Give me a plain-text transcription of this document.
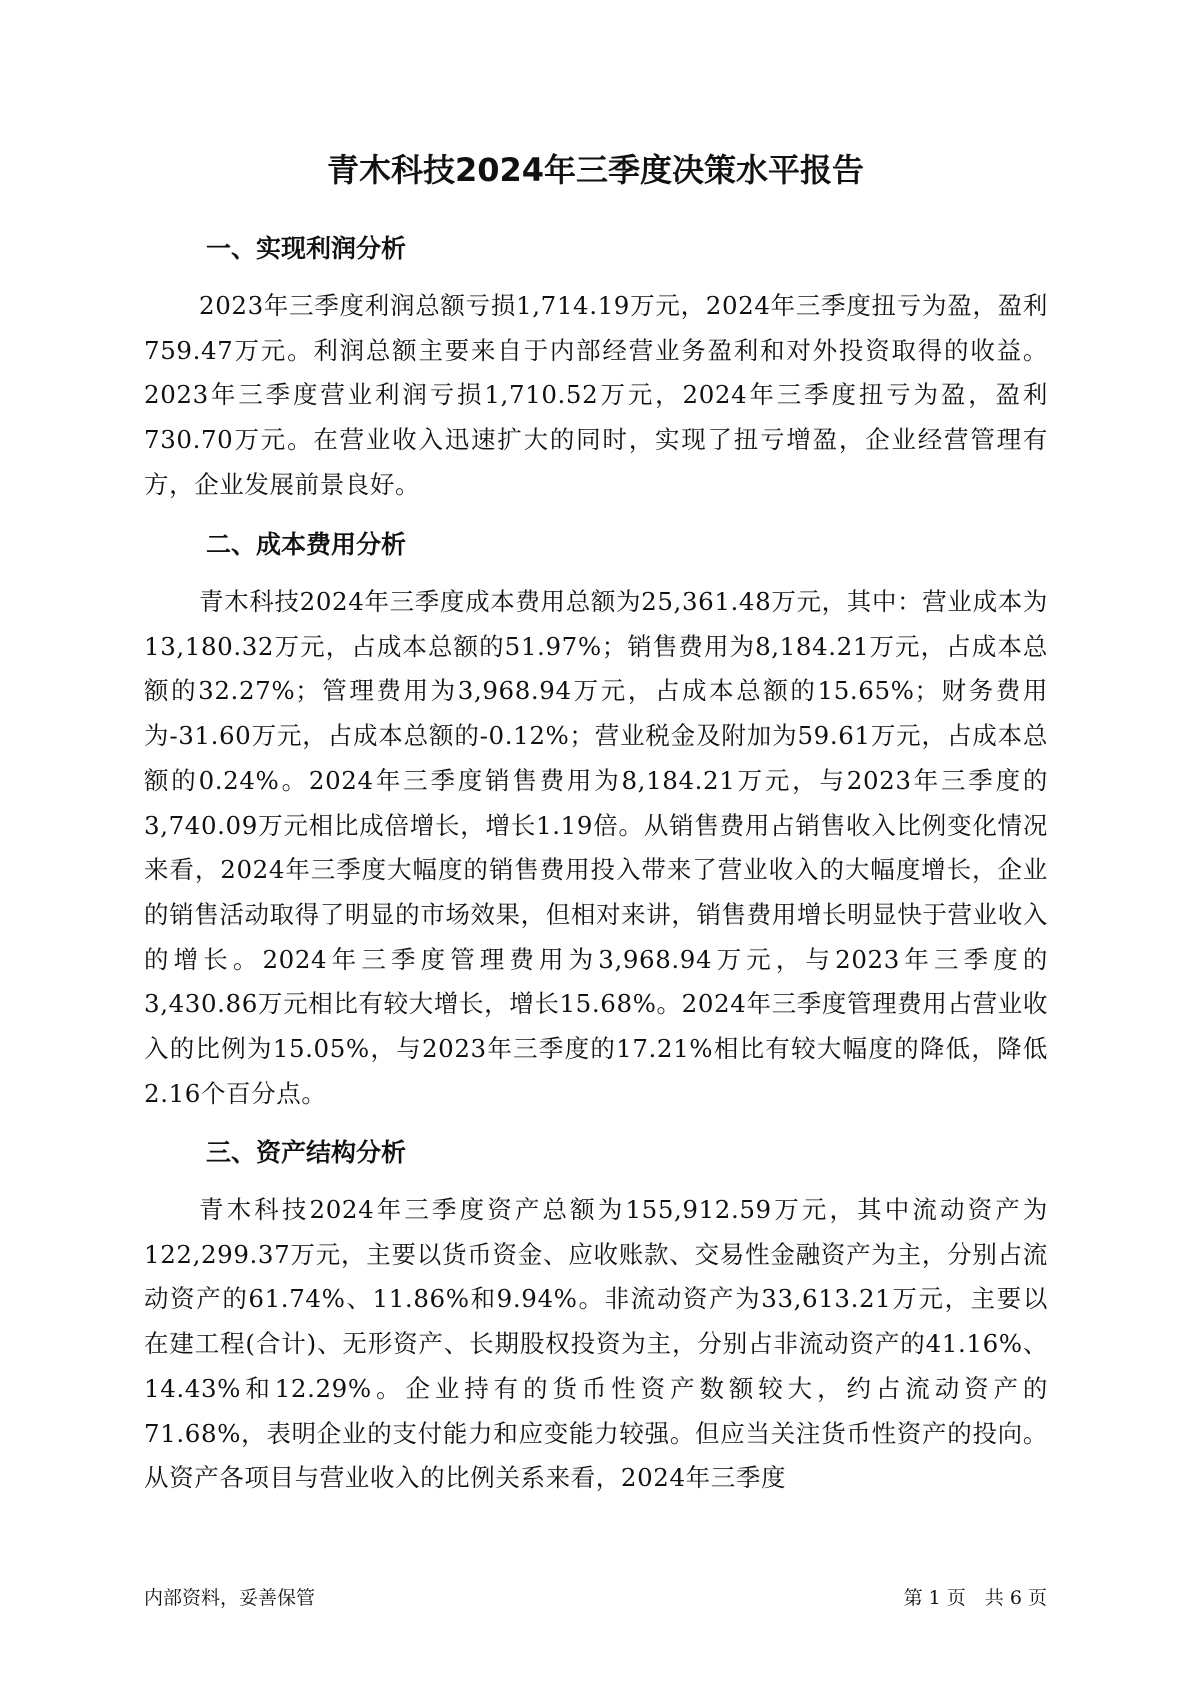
青木科技2024年三季度决策水平报告
一、实现利润分析
2023年三季度利润总额亏损1,714.19万元，2024年三季度扭亏为盈，盈利759.47万元。利润总额主要来自于内部经营业务盈利和对外投资取得的收益。2023年三季度营业利润亏损1,710.52万元，2024年三季度扭亏为盈，盈利730.70万元。在营业收入迅速扩大的同时，实现了扭亏增盈，企业经营管理有方，企业发展前景良好。
二、成本费用分析
青木科技2024年三季度成本费用总额为25,361.48万元，其中：营业成本为13,180.32万元，占成本总额的51.97%；销售费用为8,184.21万元，占成本总额的32.27%；管理费用为3,968.94万元，占成本总额的15.65%；财务费用为-31.60万元，占成本总额的-0.12%；营业税金及附加为59.61万元，占成本总额的0.24%。2024年三季度销售费用为8,184.21万元，与2023年三季度的3,740.09万元相比成倍增长，增长1.19倍。从销售费用占销售收入比例变化情况来看，2024年三季度大幅度的销售费用投入带来了营业收入的大幅度增长，企业的销售活动取得了明显的市场效果，但相对来讲，销售费用增长明显快于营业收入的增长。2024年三季度管理费用为3,968.94万元，与2023年三季度的3,430.86万元相比有较大增长，增长15.68%。2024年三季度管理费用占营业收入的比例为15.05%，与2023年三季度的17.21%相比有较大幅度的降低，降低2.16个百分点。
三、资产结构分析
青木科技2024年三季度资产总额为155,912.59万元，其中流动资产为122,299.37万元，主要以货币资金、应收账款、交易性金融资产为主，分别占流动资产的61.74%、11.86%和9.94%。非流动资产为33,613.21万元，主要以在建工程(合计)、无形资产、长期股权投资为主，分别占非流动资产的41.16%、14.43%和12.29%。企业持有的货币性资产数额较大，约占流动资产的71.68%，表明企业的支付能力和应变能力较强。但应当关注货币性资产的投向。从资产各项目与营业收入的比例关系来看，2024年三季度
内部资料，妥善保管	第 1 页　共 6 页
